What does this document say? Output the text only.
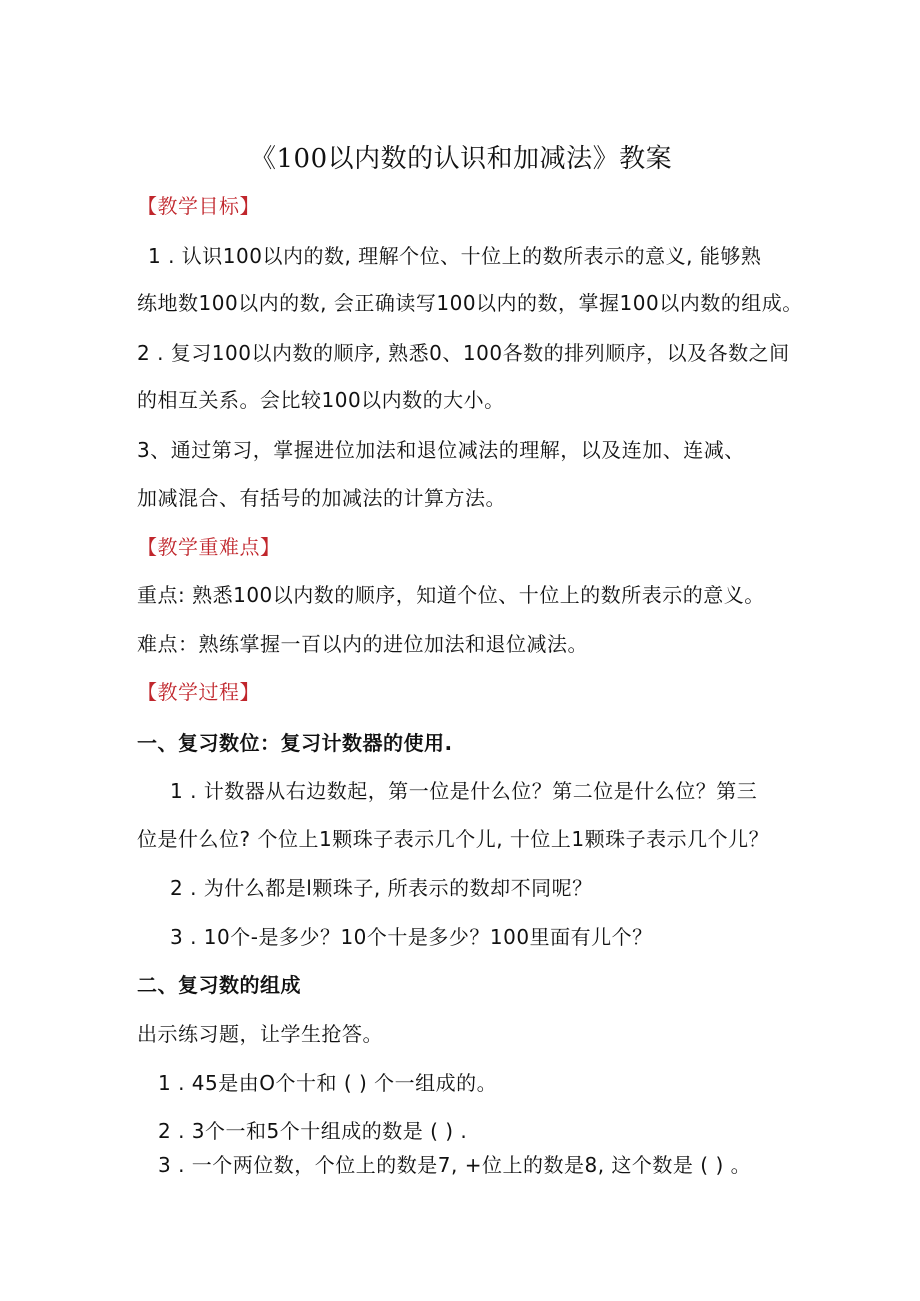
《100以内数的认识和加减法》教案
【教学目标】
1 . 认识100以内的数, 理解个位、十位上的数所表示的意义, 能够熟
练地数100以内的数, 会正确读写100以内的数，掌握100以内数的组成。
2 . 复习100以内数的顺序, 熟悉0、100各数的排列顺序，以及各数之间
的相互关系。会比较100以内数的大小。
3、通过第习，掌握进位加法和退位减法的理解，以及连加、连减、
加减混合、有括号的加减法的计算方法。
【教学重难点】
重点: 熟悉100以内数的顺序，知道个位、十位上的数所表示的意义。
难点：熟练掌握一百以内的进位加法和退位减法。
【教学过程】
一、复习数位：复习计数器的使用.
1 . 计数器从右边数起，第一位是什么位？第二位是什么位？第三
位是什么位? 个位上1颗珠子表示几个儿, 十位上1颗珠子表示几个儿？
2 . 为什么都是l颗珠子, 所表示的数却不同呢？
3 . 10个-是多少？10个十是多少？100里面有儿个？
二、复习数的组成
出示练习题，让学生抢答。
1 . 45是由O个十和 ( ) 个一组成的。
2 . 3个一和5个十组成的数是 ( ) .
3 . 一个两位数，个位上的数是7, +位上的数是8, 这个数是 ( ) 。
